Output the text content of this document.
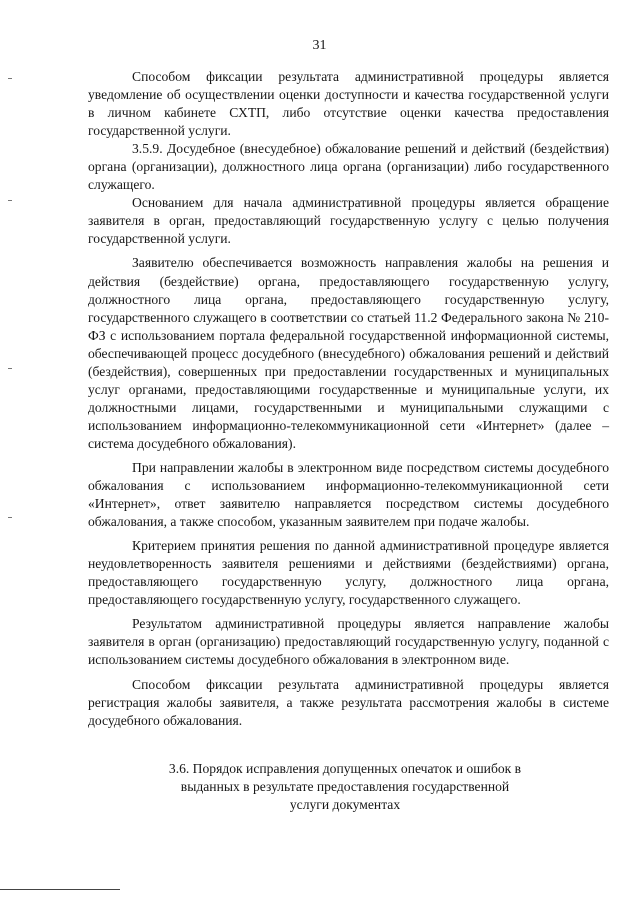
31

Способом фиксации результата административной процедуры является уведомление об осуществлении оценки доступности и качества государственной услуги в личном кабинете СХТП, либо отсутствие оценки качества предоставления государственной услуги.

3.5.9. Досудебное (внесудебное) обжалование решений и действий (бездействия) органа (организации), должностного лица органа (организации) либо государственного служащего.

Основанием для начала административной процедуры является обращение заявителя в орган, предоставляющий государственную услугу с целью получения государственной услуги.

Заявителю обеспечивается возможность направления жалобы на решения и действия (бездействие) органа, предоставляющего государственную услугу, должностного лица органа, предоставляющего государственную услугу, государственного служащего в соответствии со статьей 11.2 Федерального закона № 210-ФЗ с использованием портала федеральной государственной информационной системы, обеспечивающей процесс досудебного (внесудебного) обжалования решений и действий (бездействия), совершенных при предоставлении государственных и муниципальных услуг органами, предоставляющими государственные и муниципальные услуги, их должностными лицами, государственными и муниципальными служащими с использованием информационно-телекоммуникационной сети «Интернет» (далее – система досудебного обжалования).

При направлении жалобы в электронном виде посредством системы досудебного обжалования с использованием информационно-телекоммуникационной сети «Интернет», ответ заявителю направляется посредством системы досудебного обжалования, а также способом, указанным заявителем при подаче жалобы.

Критерием принятия решения по данной административной процедуре является неудовлетворенность заявителя решениями и действиями (бездействиями) органа, предоставляющего государственную услугу, должностного лица органа, предоставляющего государственную услугу, государственного служащего.

Результатом административной процедуры является направление жалобы заявителя в орган (организацию) предоставляющий государственную услугу, поданной с использованием системы досудебного обжалования в электронном виде.

Способом фиксации результата административной процедуры является регистрация жалобы заявителя, а также результата рассмотрения жалобы в системе досудебного обжалования.

3.6. Порядок исправления допущенных опечаток и ошибок в
выданных в результате предоставления государственной
услуги документах
